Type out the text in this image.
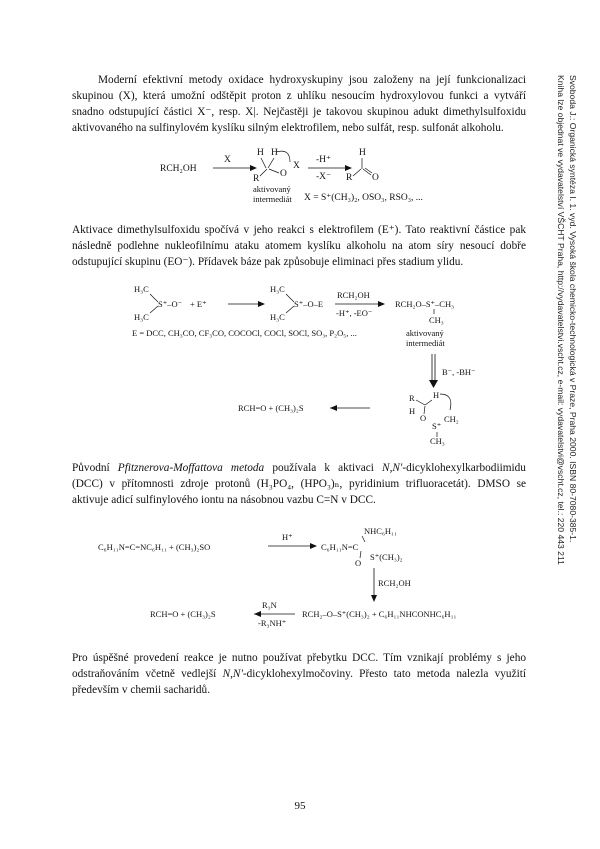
Svoboda J.: Organická syntéza I. 1. vyd. Vysoká škola chemicko-technologická v Praze, Praha 2000. ISBN 80-7080-385-1.
Kniha lze objednat ve vydavatelství VŠCHT Praha, http://vydavatelstvi.vscht.cz, e-mail: vydavatelstvi@vscht.cz, tel.: 220 443 211

Moderní efektivní metody oxidace hydroxyskupiny jsou založeny na její funkcionalizaci skupinou (X), která umožní odštěpit proton z uhlíku nesoucím hydroxylovou funkci a vytváří snadno odstupující částici X⁻, resp. X|. Nejčastěji je takovou skupinou adukt dimethylsulfoxidu aktivovaného na sulfinylovém kyslíku silným elektrofilem, nebo sulfát, resp. sulfonát alkoholu.

RCH₂OH
X
H H
R O
X
aktivovaný
intermediát
-H⁺
-X⁻
H
R O
X = S⁺(CH₃)₂, OSO₃, RSO₃, ...

Aktivace dimethylsulfoxidu spočívá v jeho reakci s elektrofilem (E⁺). Tato reaktivní částice pak následně podlehne nukleofilnímu ataku atomem kyslíku alkoholu na atom síry nesoucí dobře odstupující skupinu (EO⁻). Přídavek báze pak způsobuje eliminaci přes stadium ylidu.

H₃C
H₃C
S⁺–O⁻ + E⁺
H₃C
H₃C
S⁺–O–E
RCH₂OH
-H⁺, -EO⁻
RCH₂O–S⁺–CH₃
CH₃
E = DCC, CH₃CO, CF₃CO, COCOCl, COCl, SOCl, SO₃, P₂O₅, ...	aktivovaný
intermediát
B⁻, -BH⁻
RCH=O + (CH₃)₂S
R H
H
O
S⁺
CH₂
CH₃

Původní Pfitznerova-Moffattova metoda používala k aktivaci N,N'-dicyklohexylkarbodiimidu (DCC) v přítomnosti zdroje protonů (H₃PO₄, (HPO₃)ₙ, pyridinium trifluoracetát). DMSO se aktivuje adicí sulfinylového iontu na násobnou vazbu C=N v DCC.

C₆H₁₁N=C=NC₆H₁₁ + (CH₃)₂SO
H⁺
C₆H₁₁N=C
NHC₆H₁₁
O
S⁺(CH₃)₂
RCH₂OH
RCH=O + (CH₃)₂S
R₃N
-R₃NH⁺
RCH₂–O–S⁺(CH₃)₂ + C₆H₁₁NHCONHC₆H₁₁

Pro úspěšné provedení reakce je nutno používat přebytku DCC. Tím vznikají problémy s jeho odstraňováním včetně vedlejší N,N'-dicyklohexylmočoviny. Přesto tato metoda nalezla využití především v chemii sacharidů.

95
